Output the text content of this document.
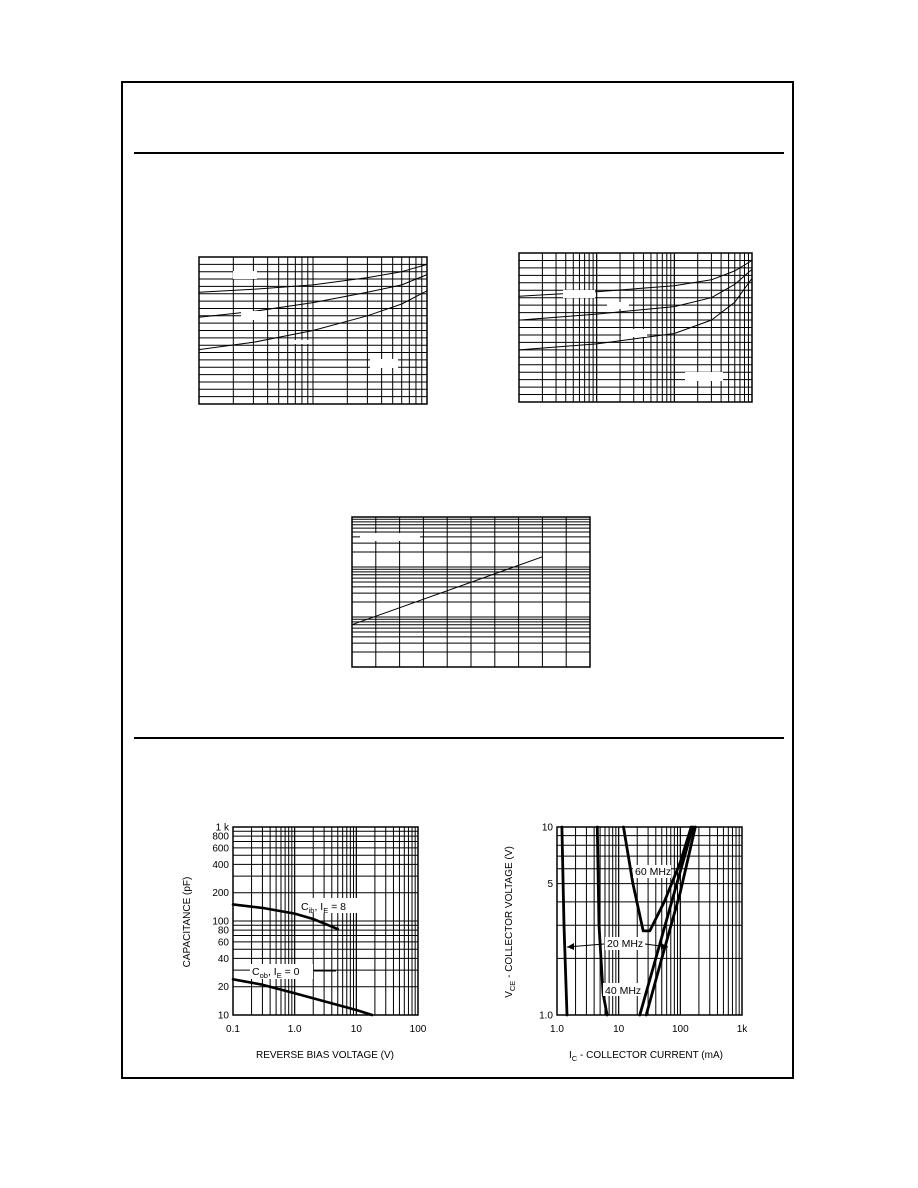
0.1	1.0	10	100
1 k
800
600
400
200
100
80
60
40
20
10
$C_{ib}$, $I_E = 8$
$C_{ob}$, $I_E = 0$
REVERSE BIAS VOLTAGE (V)
CAPACITANCE (pF)
1.0	10	100	1k
10
5
1.0
60 MHz
20 MHz
40 MHz
$I_C$ - COLLECTOR CURRENT (mA)
$V_{CE}$ - COLLECTOR VOLTAGE (V)
